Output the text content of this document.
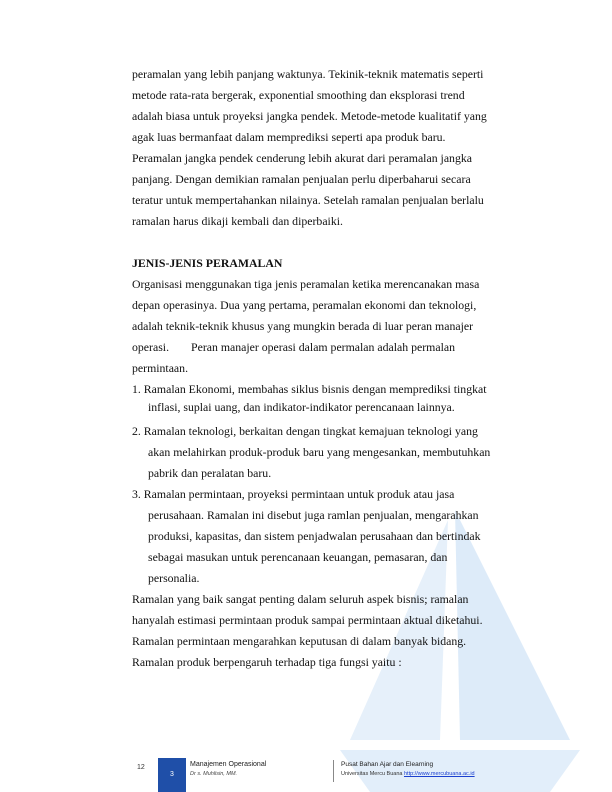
peramalan yang lebih panjang waktunya. Tekinik-teknik matematis seperti
metode rata-rata bergerak, exponential smoothing dan eksplorasi trend
adalah biasa untuk proyeksi jangka pendek. Metode-metode kualitatif yang
agak luas bermanfaat dalam memprediksi seperti apa produk baru.
Peramalan jangka pendek cenderung lebih akurat dari peramalan jangka
panjang. Dengan demikian ramalan penjualan perlu diperbaharui secara
teratur untuk mempertahankan nilainya. Setelah ramalan penjualan berlalu
ramalan harus dikaji kembali dan diperbaiki.
JENIS-JENIS PERAMALAN
Organisasi menggunakan tiga jenis peramalan ketika merencanakan masa
depan operasinya. Dua yang pertama, peramalan ekonomi dan teknologi,
adalah teknik-teknik khusus yang mungkin berada di luar peran manajer
operasi. Peran manajer operasi dalam permalan adalah permalan
permintaan.
1. Ramalan Ekonomi, membahas siklus bisnis dengan memprediksi tingkat
inflasi, suplai uang, dan indikator-indikator perencanaan lainnya.
2. Ramalan teknologi, berkaitan dengan tingkat kemajuan teknologi yang
akan melahirkan produk-produk baru yang mengesankan, membutuhkan
pabrik dan peralatan baru.
3. Ramalan permintaan, proyeksi permintaan untuk produk atau jasa
perusahaan. Ramalan ini disebut juga ramlan penjualan, mengarahkan
produksi, kapasitas, dan sistem penjadwalan perusahaan dan bertindak
sebagai masukan untuk perencanaan keuangan, pemasaran, dan
personalia.
Ramalan yang baik sangat penting dalam seluruh aspek bisnis; ramalan
hanyalah estimasi permintaan produk sampai permintaan aktual diketahui.
Ramalan permintaan mengarahkan keputusan di dalam banyak bidang.
Ramalan produk berpengaruh terhadap tiga fungsi yaitu :
12
3
Manajemen Operasional
Dr s. Muhlisin, MM.
Pusat Bahan Ajar dan Elearning
Universitas Mercu Buana http://www.mercubuana.ac.id
